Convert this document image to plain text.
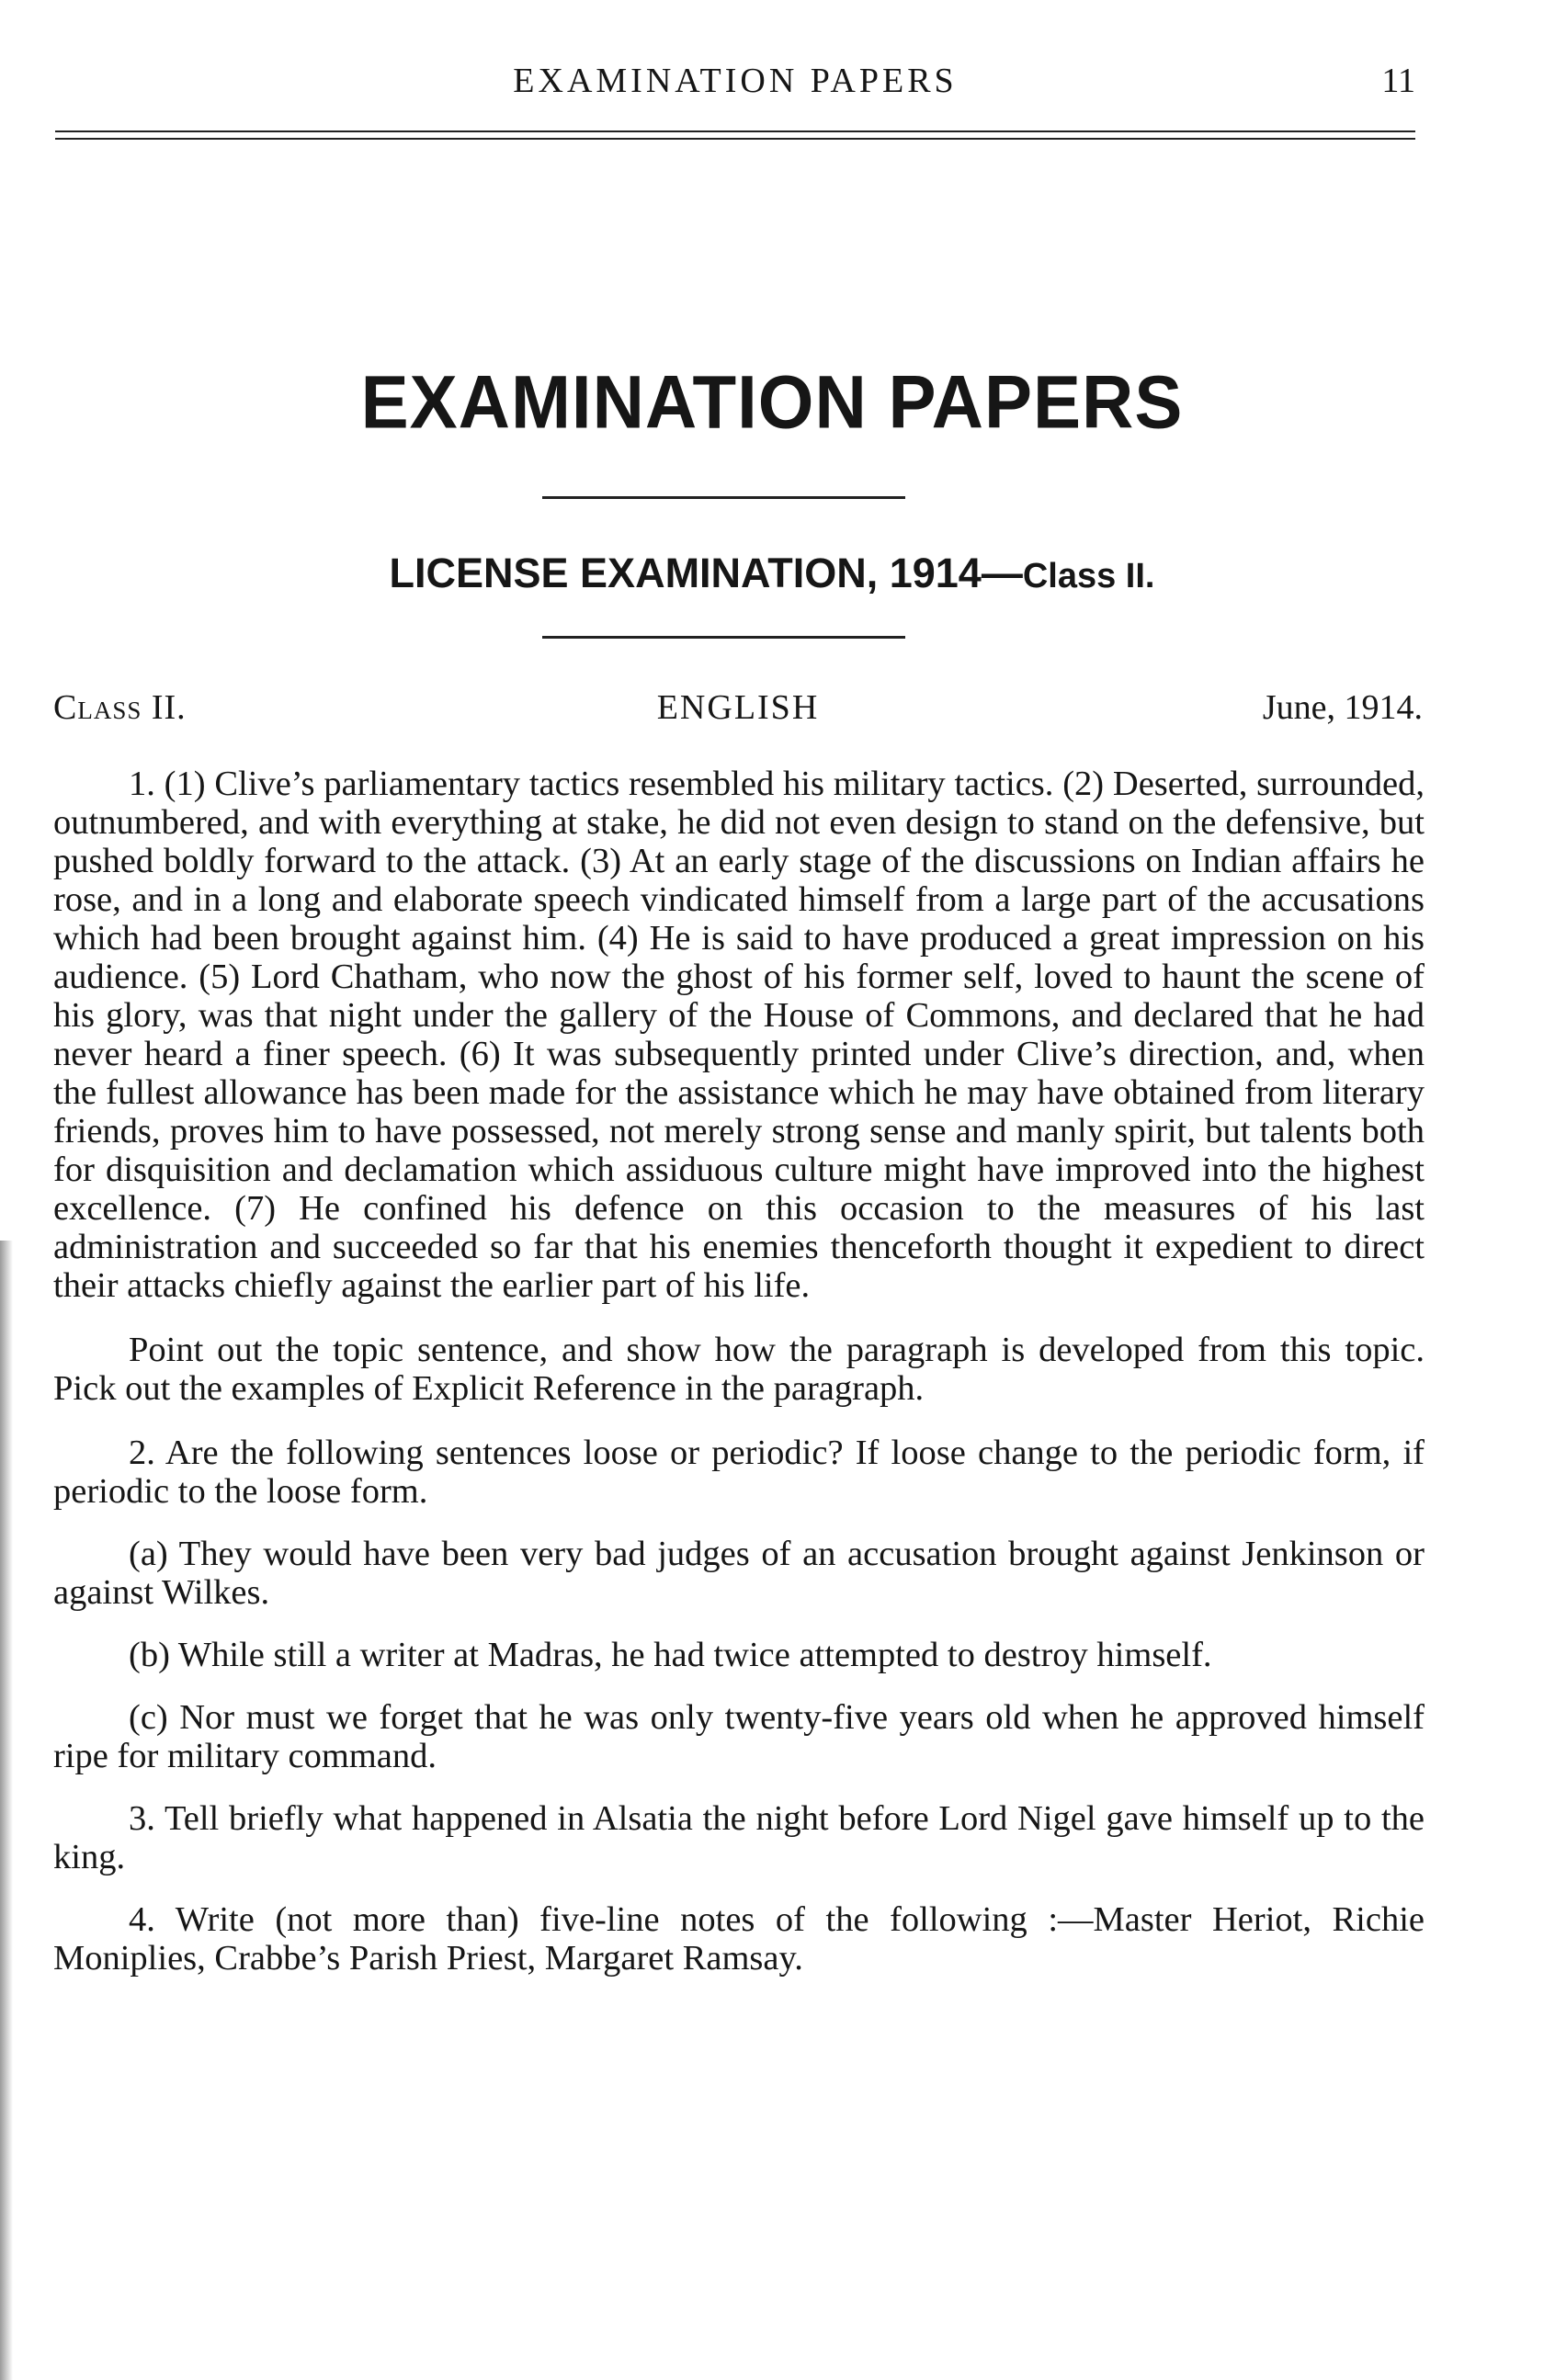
EXAMINATION PAPERS	11
EXAMINATION PAPERS
LICENSE EXAMINATION, 1914—Class II.
Class II.	ENGLISH	June, 1914.

1. (1) Clive’s parliamentary tactics resembled his military tactics. (2) Deserted, surrounded, outnumbered, and with everything at stake, he did not even design to stand on the defensive, but pushed boldly forward to the attack. (3) At an early stage of the discussions on Indian affairs he rose, and in a long and elaborate speech vindicated himself from a large part of the accusations which had been brought against him. (4) He is said to have produced a great impression on his audience. (5) Lord Chatham, who now the ghost of his former self, loved to haunt the scene of his glory, was that night under the gallery of the House of Commons, and declared that he had never heard a finer speech. (6) It was subsequently printed under Clive’s direction, and, when the fullest allowance has been made for the assistance which he may have obtained from literary friends, proves him to have possessed, not merely strong sense and manly spirit, but talents both for disquisition and declamation which assiduous culture might have improved into the highest excellence. (7) He confined his defence on this occasion to the measures of his last administration and succeeded so far that his enemies thenceforth thought it expedient to direct their attacks chiefly against the earlier part of his life.

Point out the topic sentence, and show how the paragraph is developed from this topic. Pick out the examples of Explicit Reference in the paragraph.

2. Are the following sentences loose or periodic? If loose change to the periodic form, if periodic to the loose form.

(a) They would have been very bad judges of an accusation brought against Jenkinson or against Wilkes.

(b) While still a writer at Madras, he had twice attempted to destroy himself.

(c) Nor must we forget that he was only twenty-five years old when he approved himself ripe for military command.

3. Tell briefly what happened in Alsatia the night before Lord Nigel gave himself up to the king.

4. Write (not more than) five-line notes of the following :—Master Heriot, Richie Moniplies, Crabbe’s Parish Priest, Margaret Ramsay.
